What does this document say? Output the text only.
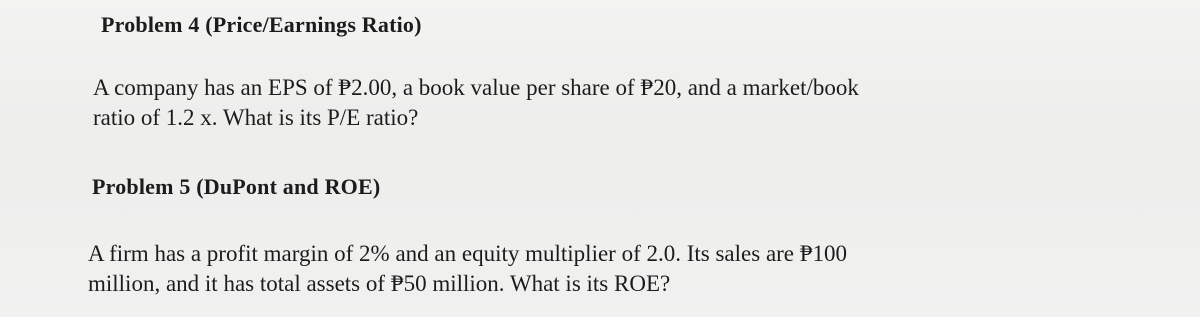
Problem 4 (Price/Earnings Ratio)
A company has an EPS of ₱2.00, a book value per share of ₱20, and a market/book
ratio of 1.2 x. What is its P/E ratio?
Problem 5 (DuPont and ROE)
A firm has a profit margin of 2% and an equity multiplier of 2.0. Its sales are ₱100
million, and it has total assets of ₱50 million. What is its ROE?
